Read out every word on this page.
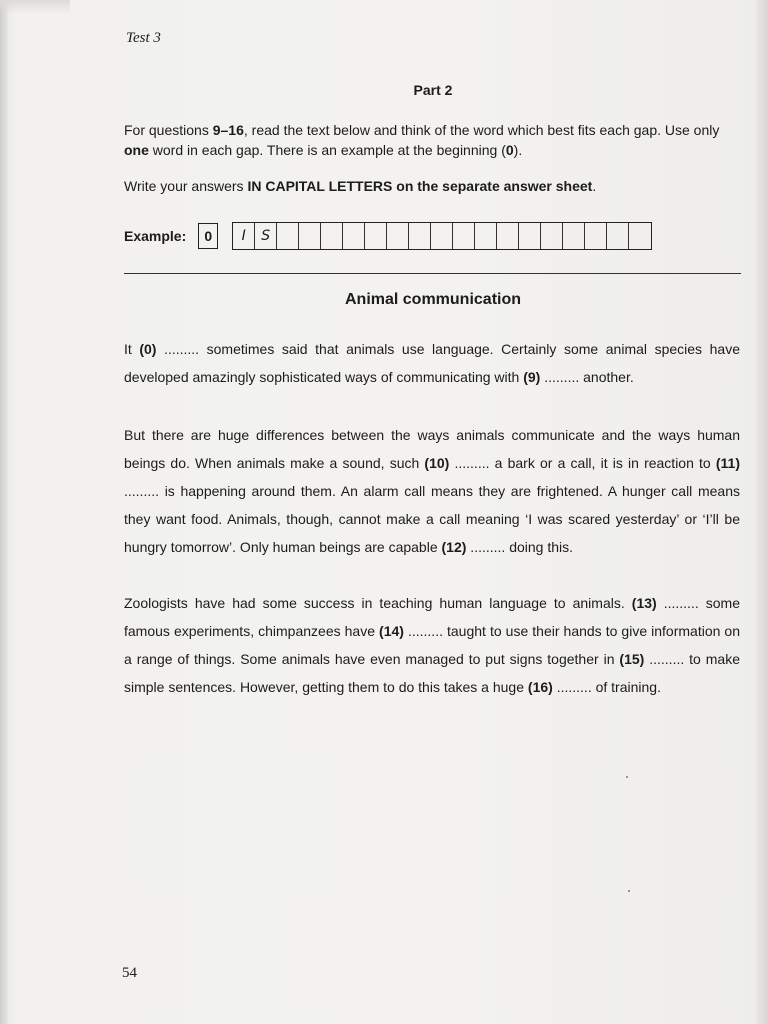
Test 3
Part 2
For questions 9–16, read the text below and think of the word which best fits each gap. Use only one word in each gap. There is an example at the beginning (0).
Write your answers IN CAPITAL LETTERS on the separate answer sheet.
Example:	0	I	S
Animal communication
It (0) ......... sometimes said that animals use language. Certainly some animal species have developed amazingly sophisticated ways of communicating with (9) ......... another.
But there are huge differences between the ways animals communicate and the ways human beings do. When animals make a sound, such (10) ......... a bark or a call, it is in reaction to (11) ......... is happening around them. An alarm call means they are frightened. A hunger call means they want food. Animals, though, cannot make a call meaning ‘I was scared yesterday’ or ‘I’ll be hungry tomorrow’. Only human beings are capable (12) ......... doing this.
Zoologists have had some success in teaching human language to animals. (13) ......... some famous experiments, chimpanzees have (14) ......... taught to use their hands to give information on a range of things. Some animals have even managed to put signs together in (15) ......... to make simple sentences. However, getting them to do this takes a huge (16) ......... of training.
54
